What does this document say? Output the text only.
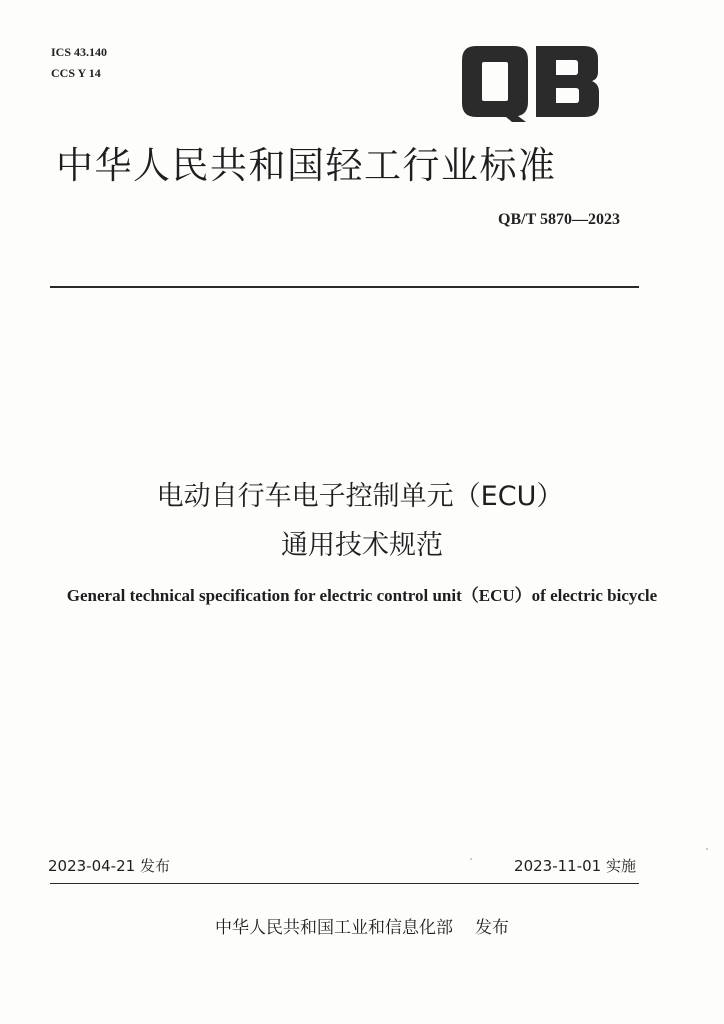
ICS 43.140
CCS Y 14
中华人民共和国轻工行业标准
QB/T 5870—2023
电动自行车电子控制单元（ECU）
通用技术规范
General technical specification for electric control unit（ECU）of electric bicycle
2023-04-21 发布	2023-11-01 实施
中华人民共和国工业和信息化部 发布
